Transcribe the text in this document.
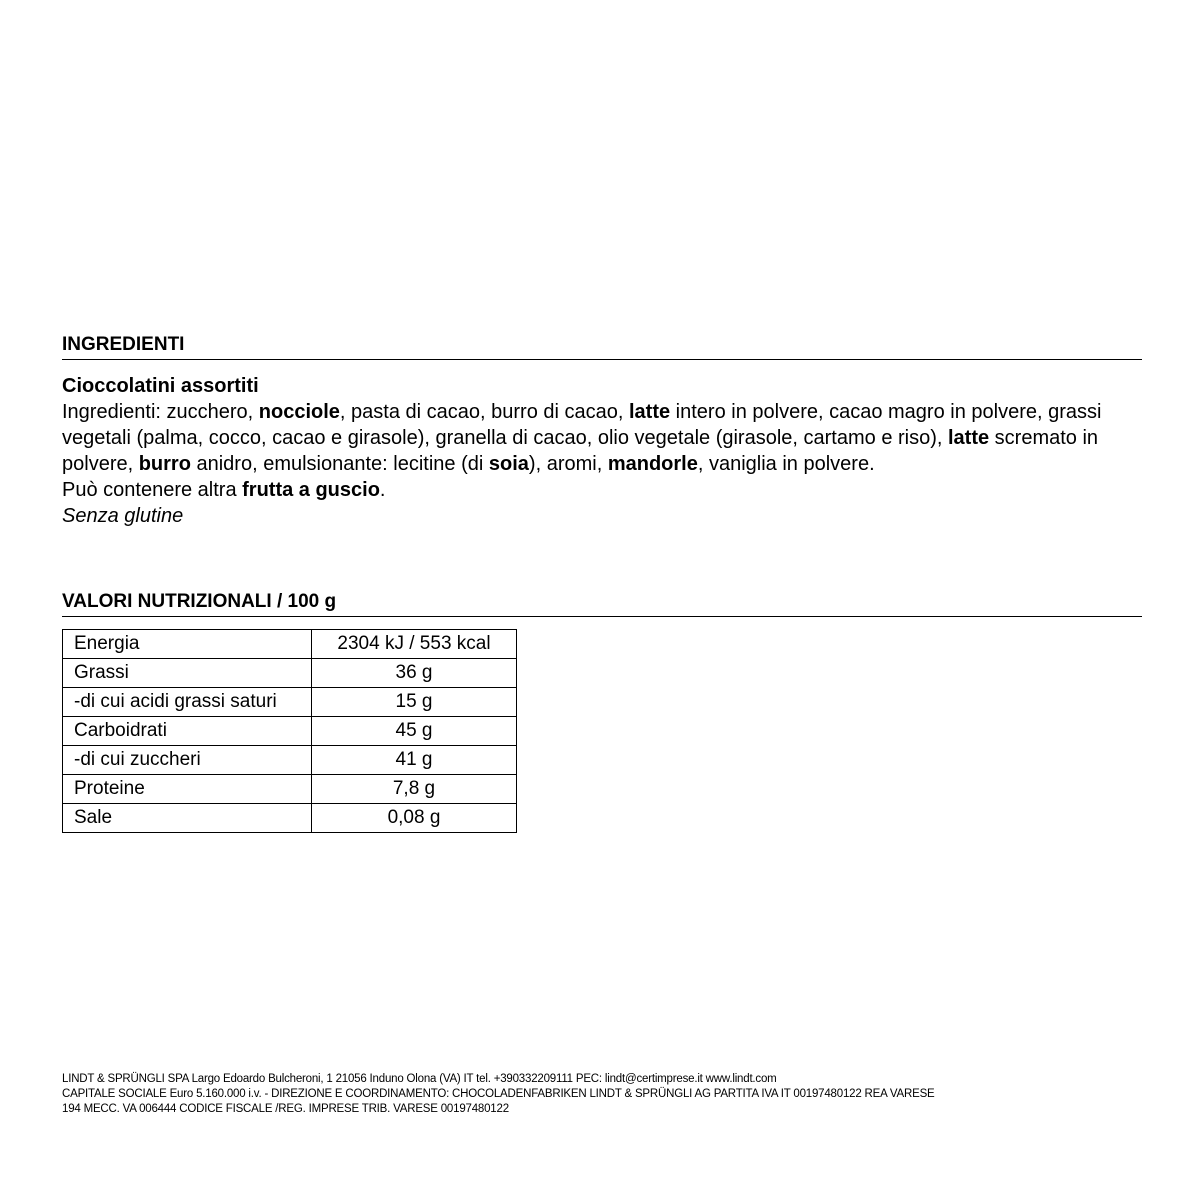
INGREDIENTI

Cioccolatini assortiti

Ingredienti: zucchero, nocciole, pasta di cacao, burro di cacao, latte intero in polvere, cacao magro in polvere, grassi vegetali (palma, cocco, cacao e girasole), granella di cacao, olio vegetale (girasole, cartamo e riso), latte scremato in polvere, burro anidro, emulsionante: lecitine (di soia), aromi, mandorle, vaniglia in polvere.

Può contenere altra frutta a guscio.

Senza glutine

VALORI NUTRIZIONALI / 100 g
Energia	2304 kJ / 553 kcal
Grassi	36 g
-di cui acidi grassi saturi	15 g
Carboidrati	45 g
-di cui zuccheri	41 g
Proteine	7,8 g
Sale	0,08 g

LINDT & SPRÜNGLI SPA Largo Edoardo Bulcheroni, 1 21056 Induno Olona (VA) IT tel. +390332209111 PEC: lindt@certimprese.it www.lindt.com

CAPITALE SOCIALE Euro 5.160.000 i.v. - DIREZIONE E COORDINAMENTO: CHOCOLADENFABRIKEN LINDT & SPRÜNGLI AG PARTITA IVA IT 00197480122 REA VARESE

194 MECC. VA 006444 CODICE FISCALE /REG. IMPRESE TRIB. VARESE 00197480122
